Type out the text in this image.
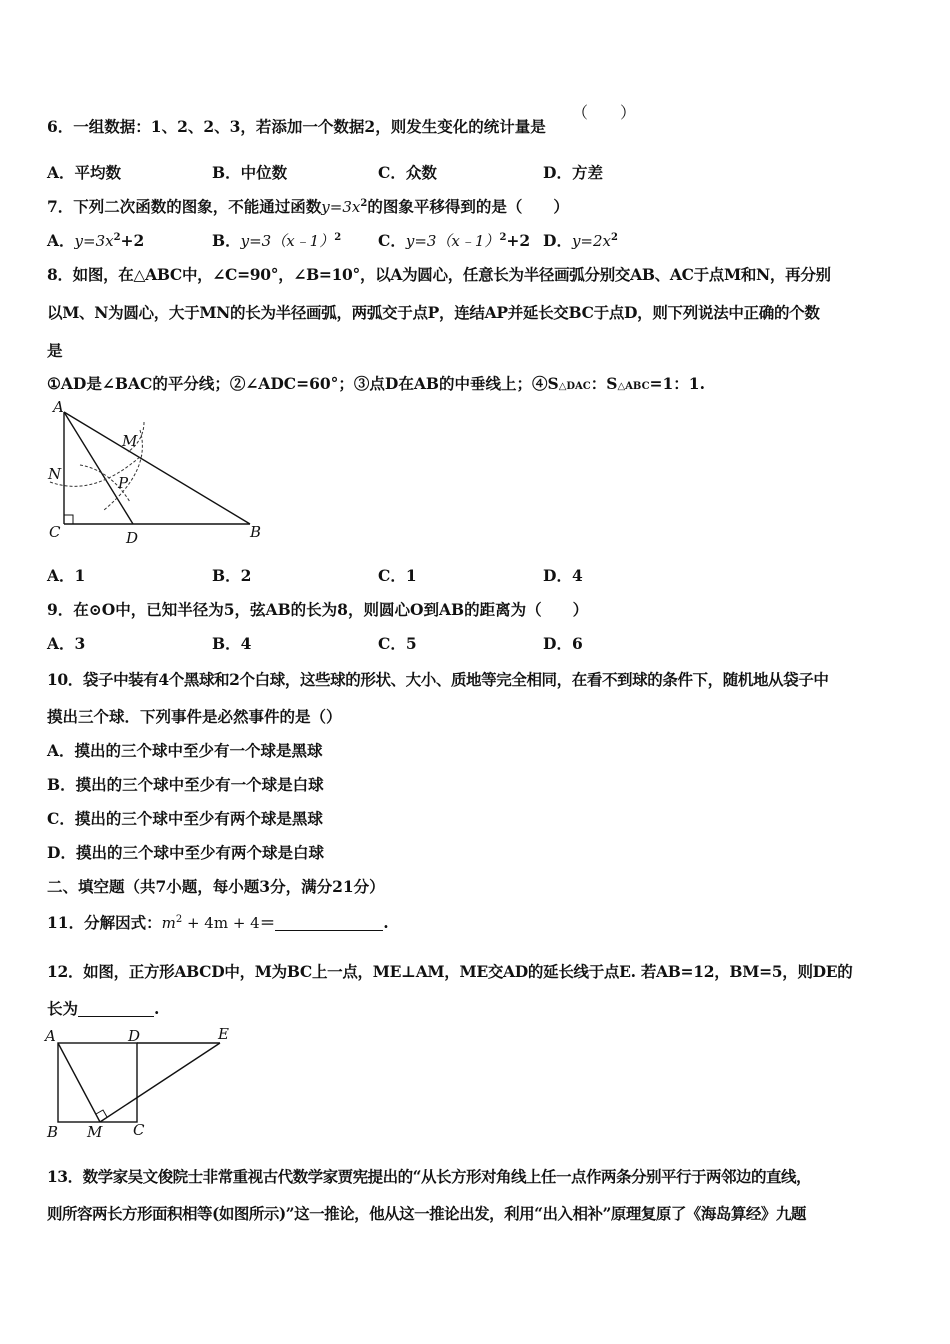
6．一组数据：1、2、2、3，若添加一个数据2，则发生变化的统计量是
（　　）
A．平均数	B．中位数	C．众数	D．方差
7．下列二次函数的图象，不能通过函数$y=3x^2$的图象平移得到的是（　　）
A．$y=3x^2+2$	B．y=3（x﹣1）$^2$ C．y=3（x﹣1）$^2$+2 D．$y=2x^2$
8．如图，在△ABC中，∠C=90°，∠B=10°，以A为圆心，任意长为半径画弧分别交AB、AC于点M和N，再分别
以M、N为圆心，大于MN的长为半径画弧，两弧交于点P，连结AP并延长交BC于点D，则下列说法中正确的个数
是
①AD是∠BAC的平分线；②∠ADC=60°；③点D在AB的中垂线上；④S△DAC：S△ABC=1：1.
A
M
N	P
C	D	B
A．1	B．2	C．1	D．4
9．在⊙O中，已知半径为5，弦AB的长为8，则圆心O到AB的距离为（　　）
A．3	B．4	C．5	D．6
10．袋子中装有4个黑球和2个白球，这些球的形状、大小、质地等完全相同，在看不到球的条件下，随机地从袋子中
摸出三个球．下列事件是必然事件的是（）
A．摸出的三个球中至少有一个球是黑球
B．摸出的三个球中至少有一个球是白球
C．摸出的三个球中至少有两个球是黑球
D．摸出的三个球中至少有两个球是白球
二、填空题（共7小题，每小题3分，满分21分）
11．分解因式：$m^2 + 4m + 4=$	.
12．如图，正方形ABCD中，M为BC上一点，ME⊥AM，ME交AD的延长线于点E. 若AB=12，BM=5，则DE的
长为	.
A	D	E
B M C
13．数学家吴文俊院士非常重视古代数学家贾宪提出的“从长方形对角线上任一点作两条分别平行于两邻边的直线，
则所容两长方形面积相等(如图所示)”这一推论，他从这一推论出发，利用“出入相补”原理复原了《海岛算经》九题
